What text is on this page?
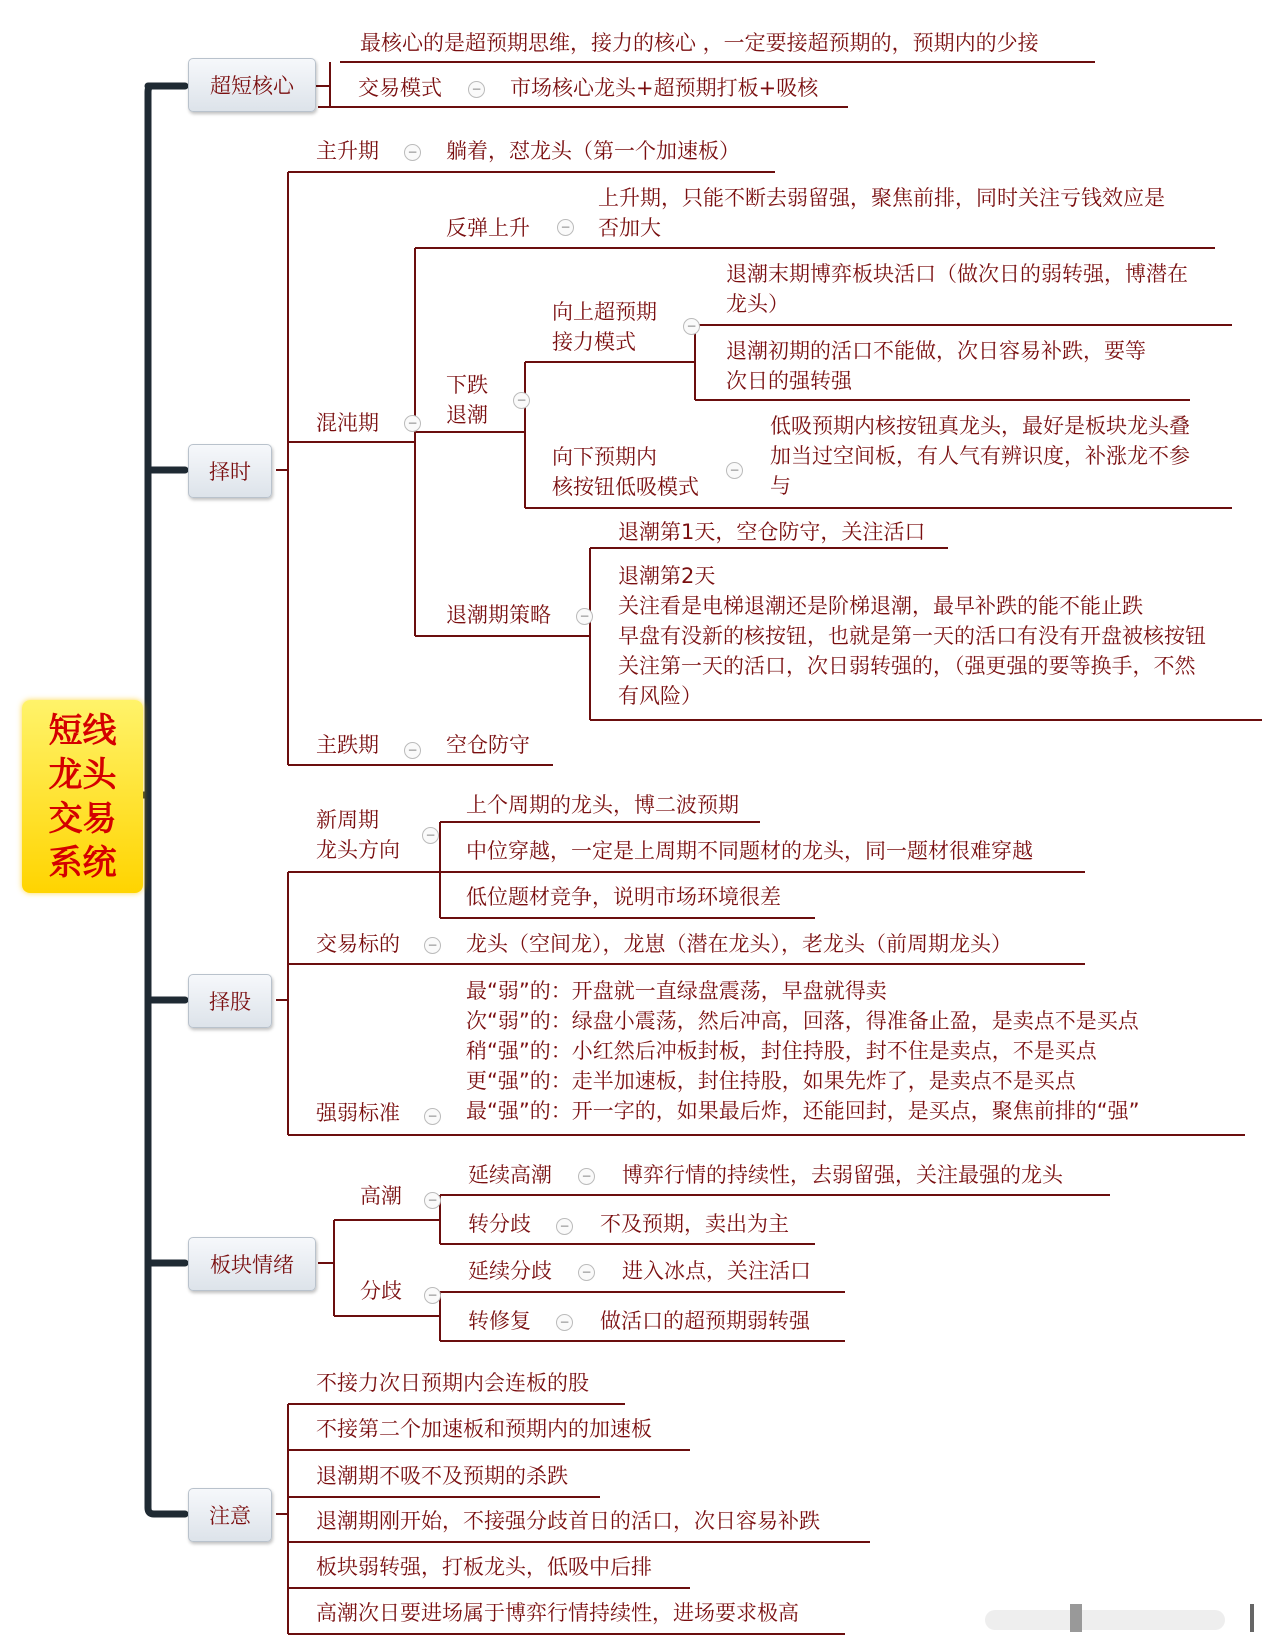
短线
龙头
交易
系统
超短核心
择时
择股
板块情绪
注意
−
−
−
−
−
−
−
−
−
−
−
−
−
−
−
−
−
−
最核心的是超预期思维，接力的核心 ，一定要接超预期的，预期内的少接
交易模式	市场核心龙头+超预期打板+吸核
主升期	躺着，怼龙头（第一个加速板）
混沌期
反弹上升
上升期，只能不断去弱留强，聚焦前排，同时关注亏钱效应是
否加大
下跌
退潮
向上超预期
接力模式
退潮末期博弈板块活口（做次日的弱转强，博潜在
龙头）
退潮初期的活口不能做，次日容易补跌，要等
次日的强转强
向下预期内
核按钮低吸模式
低吸预期内核按钮真龙头，最好是板块龙头叠
加当过空间板，有人气有辨识度，补涨龙不参
与
退潮期策略
退潮第1天，空仓防守，关注活口
退潮第2天
关注看是电梯退潮还是阶梯退潮，最早补跌的能不能止跌
早盘有没新的核按钮，也就是第一天的活口有没有开盘被核按钮
关注第一天的活口，次日弱转强的，（强更强的要等换手，不然
有风险）
主跌期	空仓防守
新周期
龙头方向
上个周期的龙头，博二波预期
中位穿越，一定是上周期不同题材的龙头，同一题材很难穿越
低位题材竞争，说明市场环境很差
交易标的	龙头（空间龙），龙崽（潜在龙头），老龙头（前周期龙头）
强弱标准
最“弱”的：开盘就一直绿盘震荡，早盘就得卖
次“弱”的：绿盘小震荡，然后冲高，回落，得准备止盈，是卖点不是买点
稍“强”的：小红然后冲板封板，封住持股，封不住是卖点，不是买点
更“强”的：走半加速板，封住持股，如果先炸了，是卖点不是买点
最“强”的：开一字的，如果最后炸，还能回封，是买点，聚焦前排的“强”
高潮
延续高潮	博弈行情的持续性，去弱留强，关注最强的龙头
转分歧	不及预期，卖出为主
分歧
延续分歧	进入冰点，关注活口
转修复	做活口的超预期弱转强
不接力次日预期内会连板的股
不接第二个加速板和预期内的加速板
退潮期不吸不及预期的杀跌
退潮期刚开始，不接强分歧首日的活口，次日容易补跌
板块弱转强，打板龙头，低吸中后排
高潮次日要进场属于博弈行情持续性，进场要求极高
